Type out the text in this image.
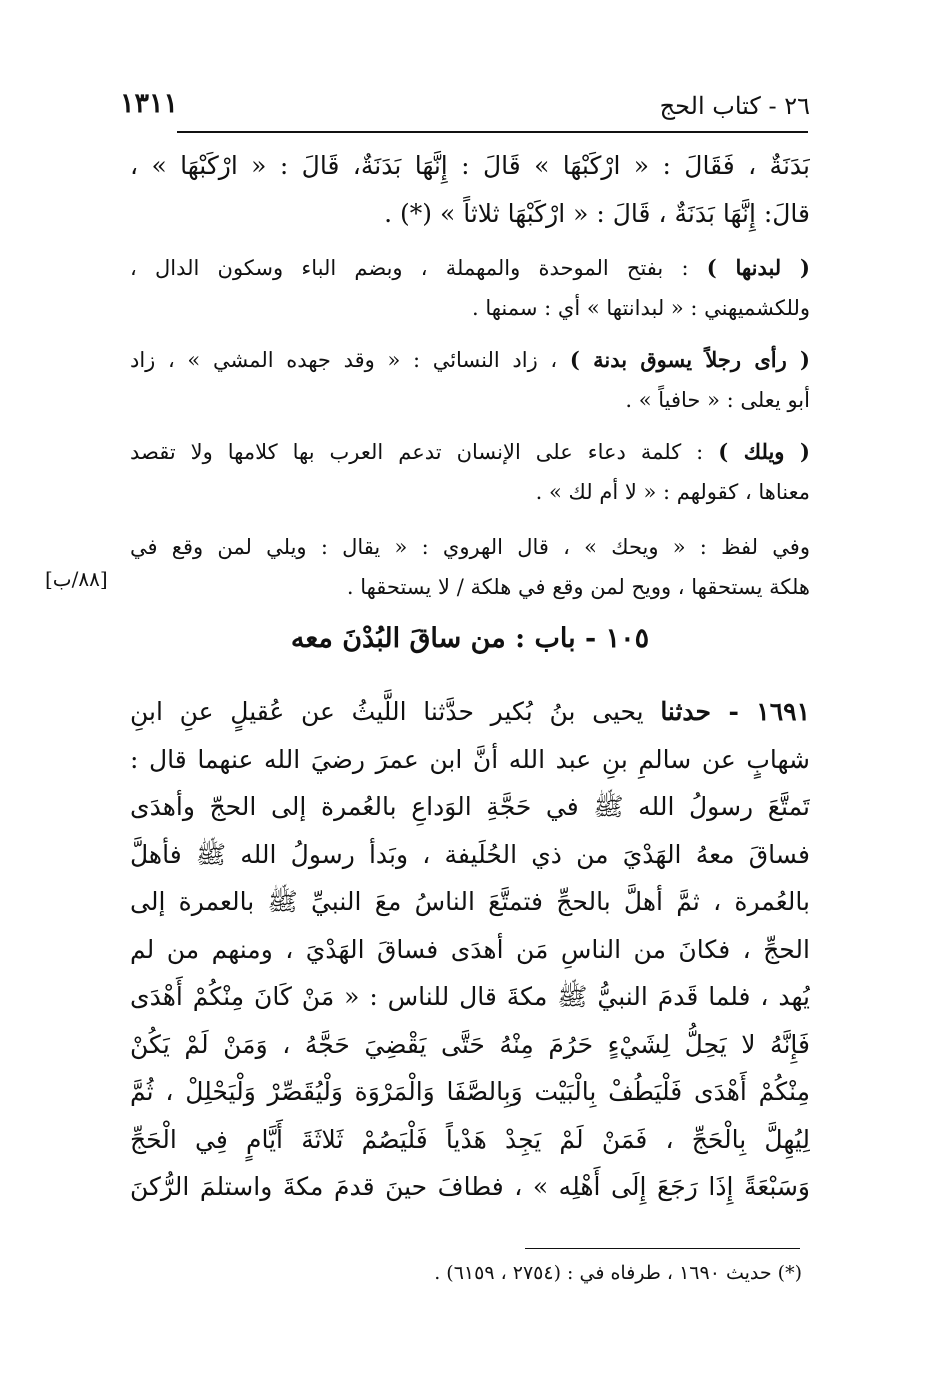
١٣١١	٢٦ - كتاب الحج
بَدَنَةٌ ، فَقَالَ : « ارْكَبْهَا » قَالَ : إِنَّهَا بَدَنَةٌ، قَالَ : « ارْكَبْهَا » ،
قالَ: إِنَّهَا بَدَنَةٌ ، قَالَ : « ارْكَبْهَا ثلاثاً » (*) .
( لبدنها ) : بفتح الموحدة والمهملة ، وبضم الباء وسكون الدال ،
وللكشميهني : « لبدانتها » أي : سمنها .
( رأى رجلاً يسوق بدنة ) ، زاد النسائي : « وقد جهده المشي » ، زاد
أبو يعلى : « حافياً » .
( ويلك ) : كلمة دعاء على الإنسان تدعم العرب بها كلامها ولا تقصد
معناها ، كقولهم : « لا أم لك » .
وفي لفظ : « ويحك » ، قال الهروي : « يقال : ويلي لمن وقع في
هلكة يستحقها ، وويح لمن وقع في هلكة / لا يستحقها .
[٨٨/ب]
١٠٥ - باب : من ساقَ البُدْنَ معه
١٦٩١ - حدثنا يحيى بنُ بُكير حدَّثنا اللَّيثُ عن عُقيلٍ عنِ ابنِ
شهابٍ عن سالمِ بنِ عبد الله أنَّ ابن عمرَ رضيَ الله عنهما قال :
تَمتَّعَ رسولُ الله ﷺ في حَجَّةِ الوَداعِ بالعُمرة إلى الحجّ وأهدَى
فساقَ معهُ الهَدْيَ من ذي الحُلَيفة ، وبَدأ رسولُ الله ﷺ فأهلَّ
بالعُمرة ، ثمَّ أهلَّ بالحجِّ فتمتَّعَ الناسُ معَ النبيِّ ﷺ بالعمرة إلى
الحجِّ ، فكانَ من الناسِ مَن أهدَى فساقَ الهَدْيَ ، ومنهم من لم
يُهد ، فلما قَدمَ النبيُّ ﷺ مكةَ قال للناس : « مَنْ كَانَ مِنْكُمْ أَهْدَى
فَإِنَّهُ لا يَحِلُّ لِشَيْءٍ حَرُمَ مِنْهُ حَتَّى يَقْضِيَ حَجَّهُ ، وَمَنْ لَمْ يَكُنْ
مِنْكُمْ أَهْدَى فَلْيَطُفْ بِالْبَيْت وَبِالصَّفَا وَالْمَرْوَة وَلْيُقَصِّرْ وَلْيَحْلِلْ ، ثُمَّ
لِيُهِلَّ بِالْحَجِّ ، فَمَنْ لَمْ يَجِدْ هَدْياً فَلْيَصُمْ ثَلاثَةَ أَيَّامٍ فِي الْحَجِّ
وَسَبْعَةً إِذَا رَجَعَ إِلَى أَهْلِه » ، فطافَ حينَ قدمَ مكةَ واستلمَ الرُّكنَ
(*) حديث ١٦٩٠ ، طرفاه في : (٢٧٥٤ ، ٦١٥٩) .
